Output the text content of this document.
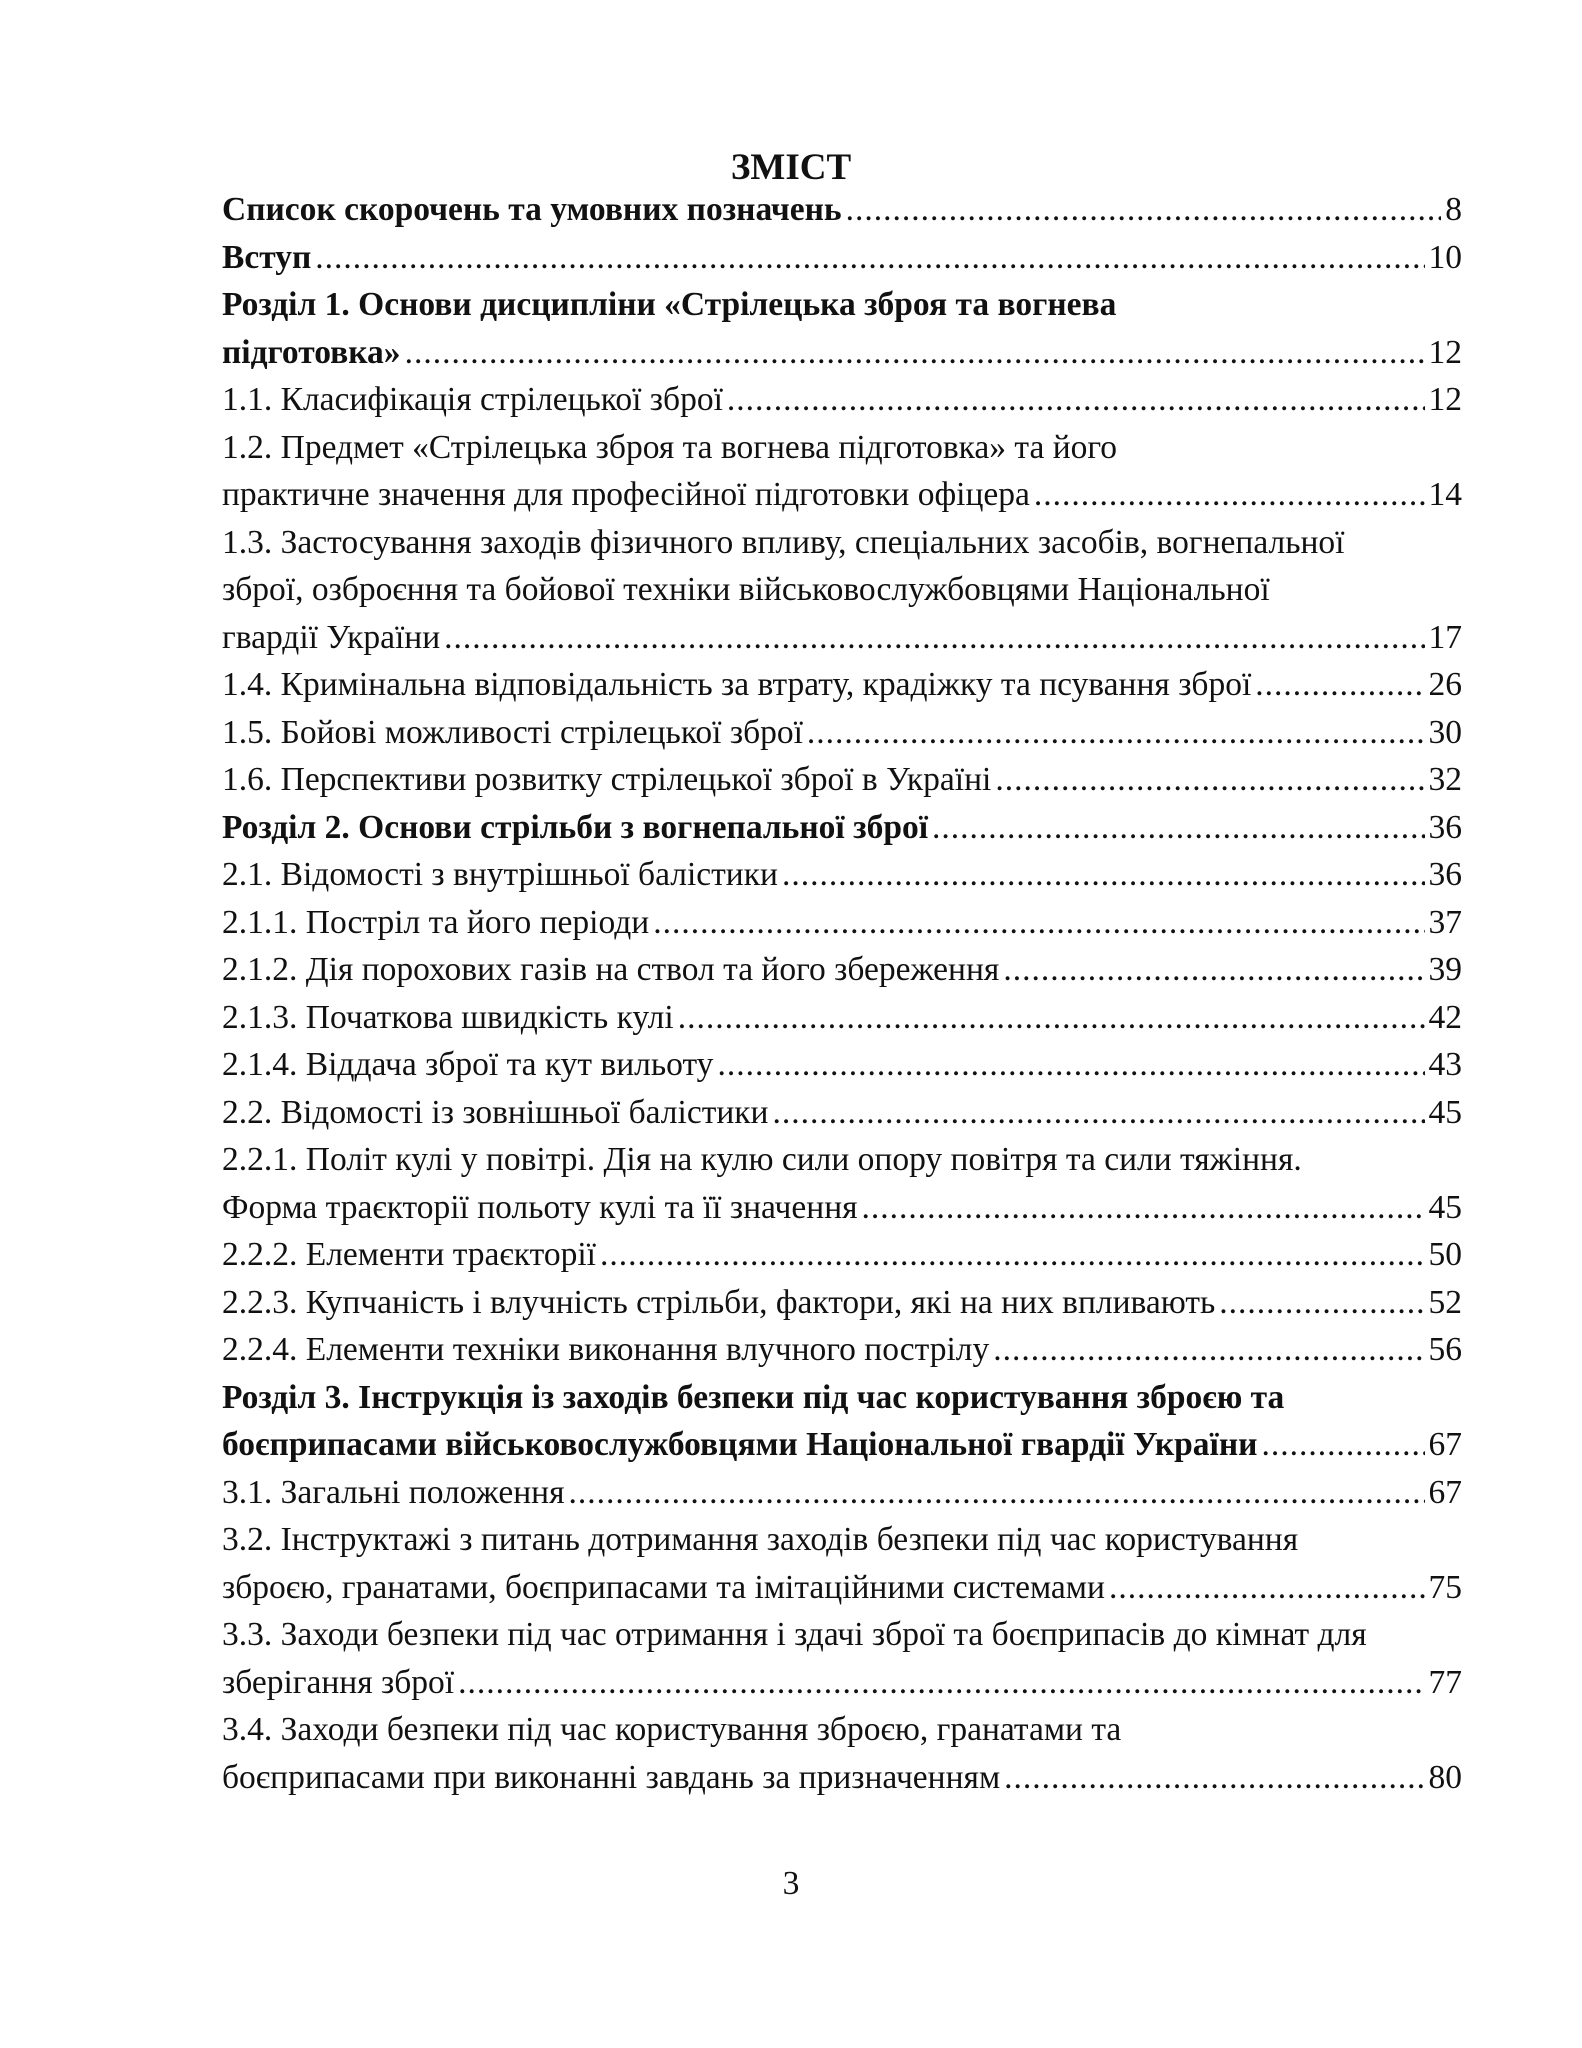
ЗМІСТ
Список скорочень та умовних позначень .....	8
Вступ .....	10
Розділ 1. Основи дисципліни «Стрілецька зброя та вогнева
підготовка» .....	12
1.1. Класифікація стрілецької зброї .....	12
1.2. Предмет «Стрілецька зброя та вогнева підготовка» та його
практичне значення для професійної підготовки офіцера .....	14
1.3. Застосування заходів фізичного впливу, спеціальних засобів, вогнепальної
зброї, озброєння та бойової техніки військовослужбовцями Національної
гвардії України .....	17
1.4. Кримінальна відповідальність за втрату, крадіжку та псування зброї .....	26
1.5. Бойові можливості стрілецької зброї .....	30
1.6. Перспективи розвитку стрілецької зброї в Україні .....	32
Розділ 2. Основи стрільби з вогнепальної зброї .....	36
2.1. Відомості з внутрішньої балістики .....	36
2.1.1. Постріл та його періоди .....	37
2.1.2. Дія порохових газів на ствол та його збереження .....	39
2.1.3. Початкова швидкість кулі .....	42
2.1.4. Віддача зброї та кут вильоту .....	43
2.2. Відомості із зовнішньої балістики .....	45
2.2.1. Політ кулі у повітрі. Дія на кулю сили опору повітря та сили тяжіння.
Форма траєкторії польоту кулі та її значення .....	45
2.2.2. Елементи траєкторії .....	50
2.2.3. Купчаність і влучність стрільби, фактори, які на них впливають .....	52
2.2.4. Елементи техніки виконання влучного пострілу .....	56
Розділ 3. Інструкція із заходів безпеки під час користування зброєю та
боєприпасами військовослужбовцями Національної гвардії України .....	67
3.1. Загальні положення .....	67
3.2. Інструктажі з питань дотримання заходів безпеки під час користування
зброєю, гранатами, боєприпасами та імітаційними системами .....	75
3.3. Заходи безпеки під час отримання і здачі зброї та боєприпасів до кімнат для
зберігання зброї .....	77
3.4. Заходи безпеки під час користування зброєю, гранатами та
боєприпасами при виконанні завдань за призначенням .....	80
3
